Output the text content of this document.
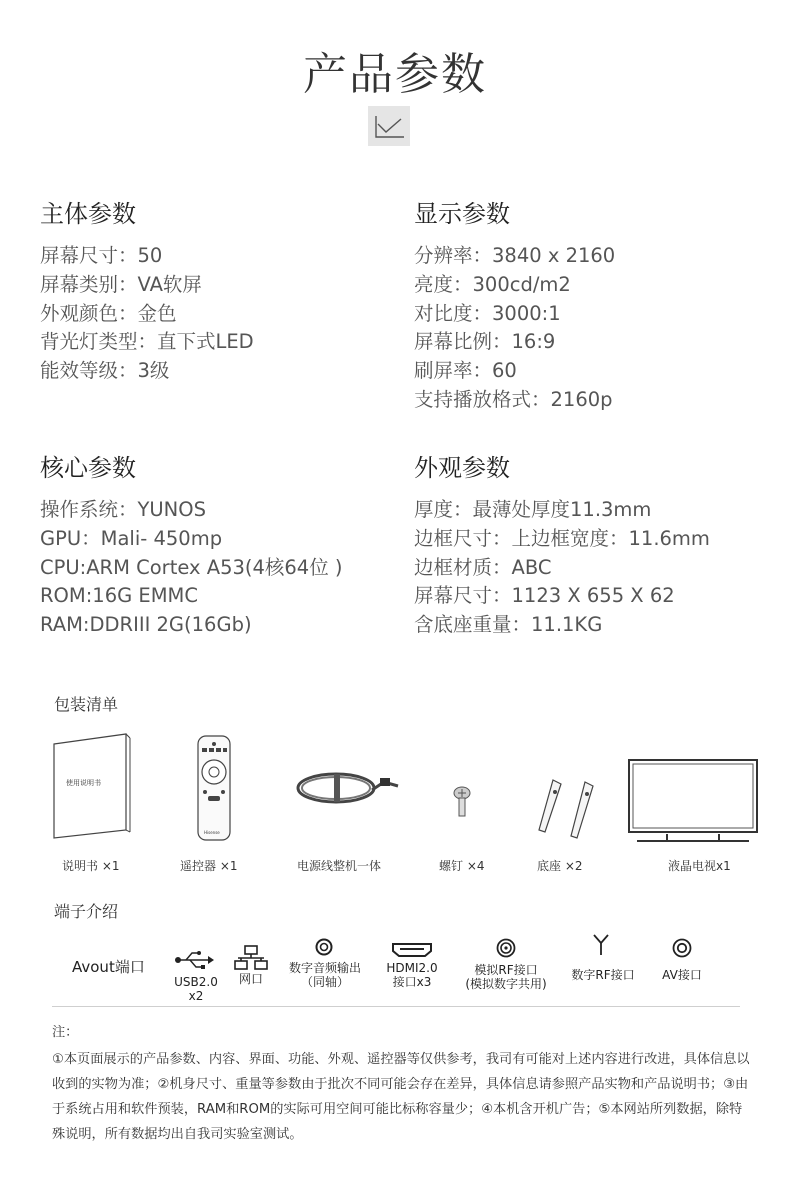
产品参数
主体参数
屏幕尺寸：50
屏幕类别：VA软屏
外观颜色：金色
背光灯类型：直下式LED
能效等级：3级
显示参数
分辨率：3840 x 2160
亮度：300cd/m2
对比度：3000:1
屏幕比例：16:9
刷屏率：60
支持播放格式：2160p
核心参数
操作系统：YUNOS
GPU：Mali- 450mp
CPU:ARM Cortex A53(4核64位 )
ROM:16G EMMC
RAM:DDRIII 2G(16Gb)
外观参数
厚度：最薄处厚度11.3mm
边框尺寸：上边框宽度：11.6mm
边框材质：ABC
屏幕尺寸：1123 X 655 X 62
含底座重量：11.1KG
包装清单
使用说明书
Hisense
说明书 ×1	遥控器 ×1	电源线整机一体	螺钉 ×4	底座 ×2	液晶电视x1
端子介绍
Avout端口
USB2.0
x2
网口
数字音频输出
（同轴）
HDMI2.0
接口x3
模拟RF接口
(模拟数字共用)
数字RF接口	AV接口
注：
①本页面展示的产品参数、内容、界面、功能、外观、遥控器等仅供参考，我司有可能对上述内容进行改进，具体信息以收到的实物为准；②机身尺寸、重量等参数由于批次不同可能会存在差异，具体信息请参照产品实物和产品说明书；③由于系统占用和软件预装，RAM和ROM的实际可用空间可能比标称容量少；④本机含开机广告；⑤本网站所列数据，除特殊说明，所有数据均出自我司实验室测试。
